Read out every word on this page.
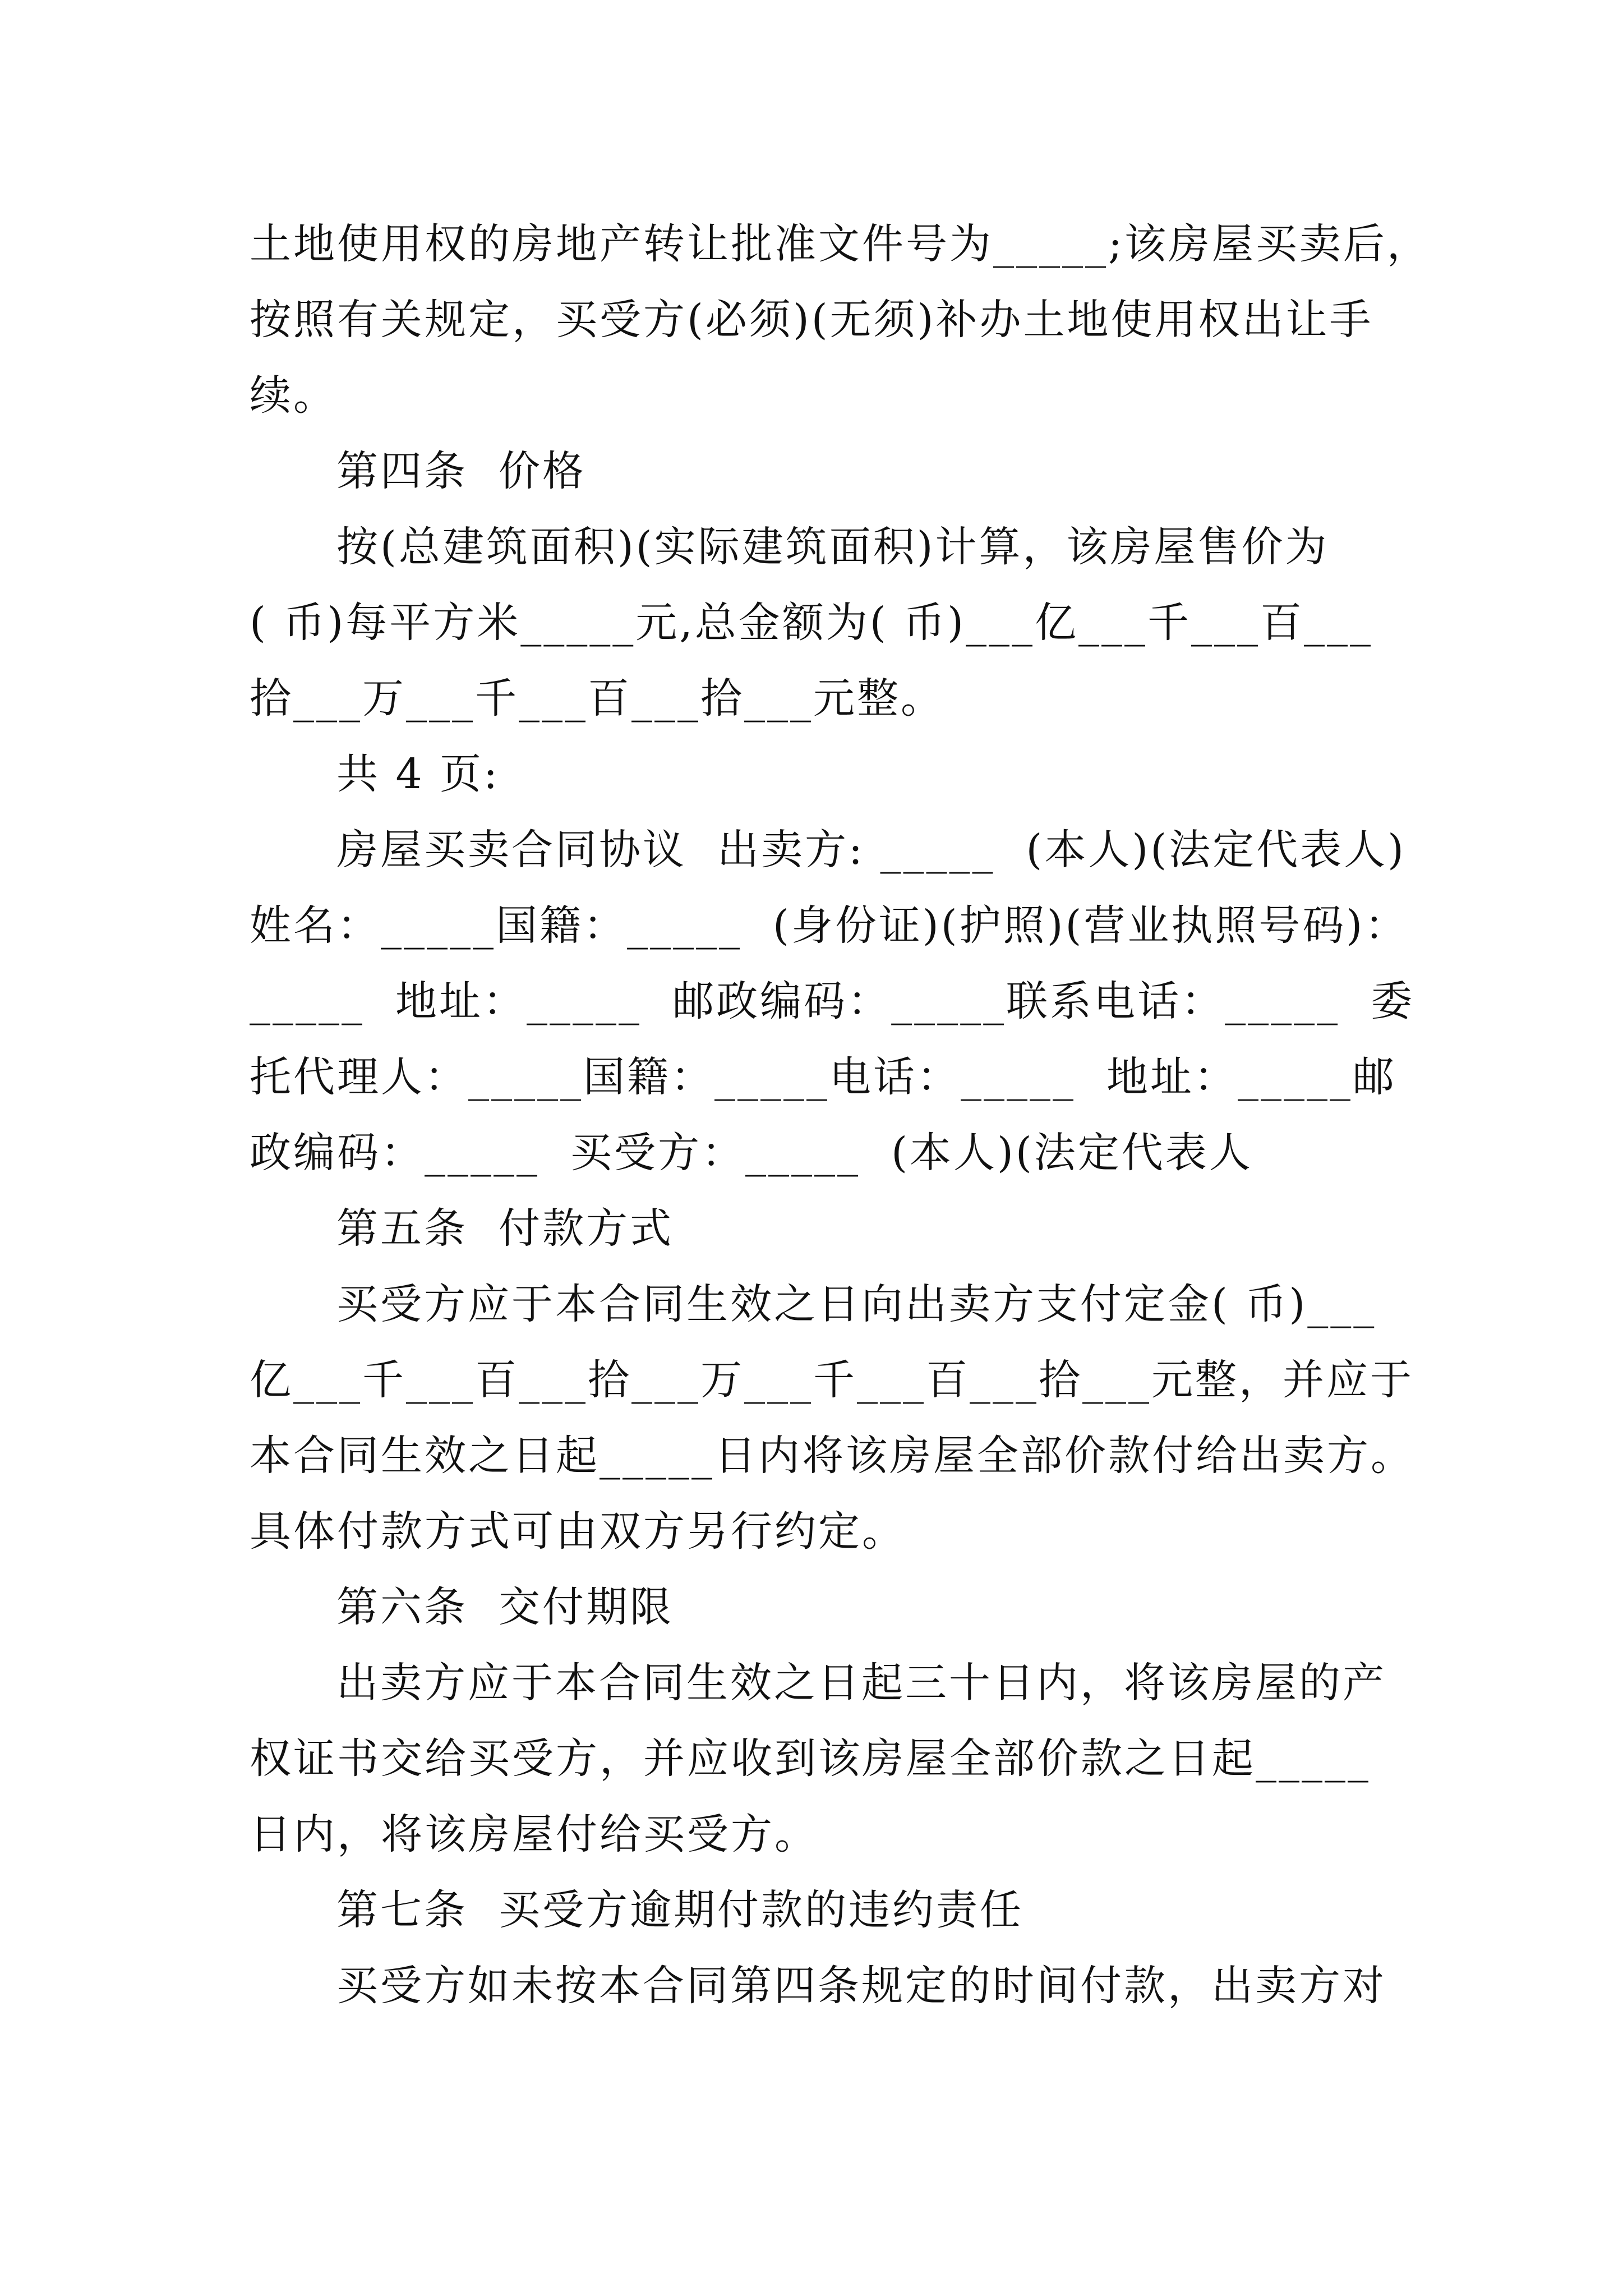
土地使用权的房地产转让批准文件号为_____;该房屋买卖后，
按照有关规定，买受方(必须)(无须)补办土地使用权出让手
续。
第四条  价格
按(总建筑面积)(实际建筑面积)计算，该房屋售价为
( 币)每平方米_____元,总金额为( 币)___亿___千___百___
拾___万___千___百___拾___元整。
共 4 页:
房屋买卖合同协议  出卖方: _____  (本人)(法定代表人)
姓名：_____国籍：_____  (身份证)(护照)(营业执照号码)：
_____  地址：_____  邮政编码：_____联系电话：_____  委
托代理人：_____国籍：_____电话：_____  地址：_____邮
政编码：_____  买受方：_____  (本人)(法定代表人
第五条  付款方式
买受方应于本合同生效之日向出卖方支付定金( 币)___
亿___千___百___拾___万___千___百___拾___元整，并应于
本合同生效之日起_____日内将该房屋全部价款付给出卖方。
具体付款方式可由双方另行约定。
第六条  交付期限
出卖方应于本合同生效之日起三十日内，将该房屋的产
权证书交给买受方，并应收到该房屋全部价款之日起_____
日内，将该房屋付给买受方。
第七条  买受方逾期付款的违约责任
买受方如未按本合同第四条规定的时间付款，出卖方对
